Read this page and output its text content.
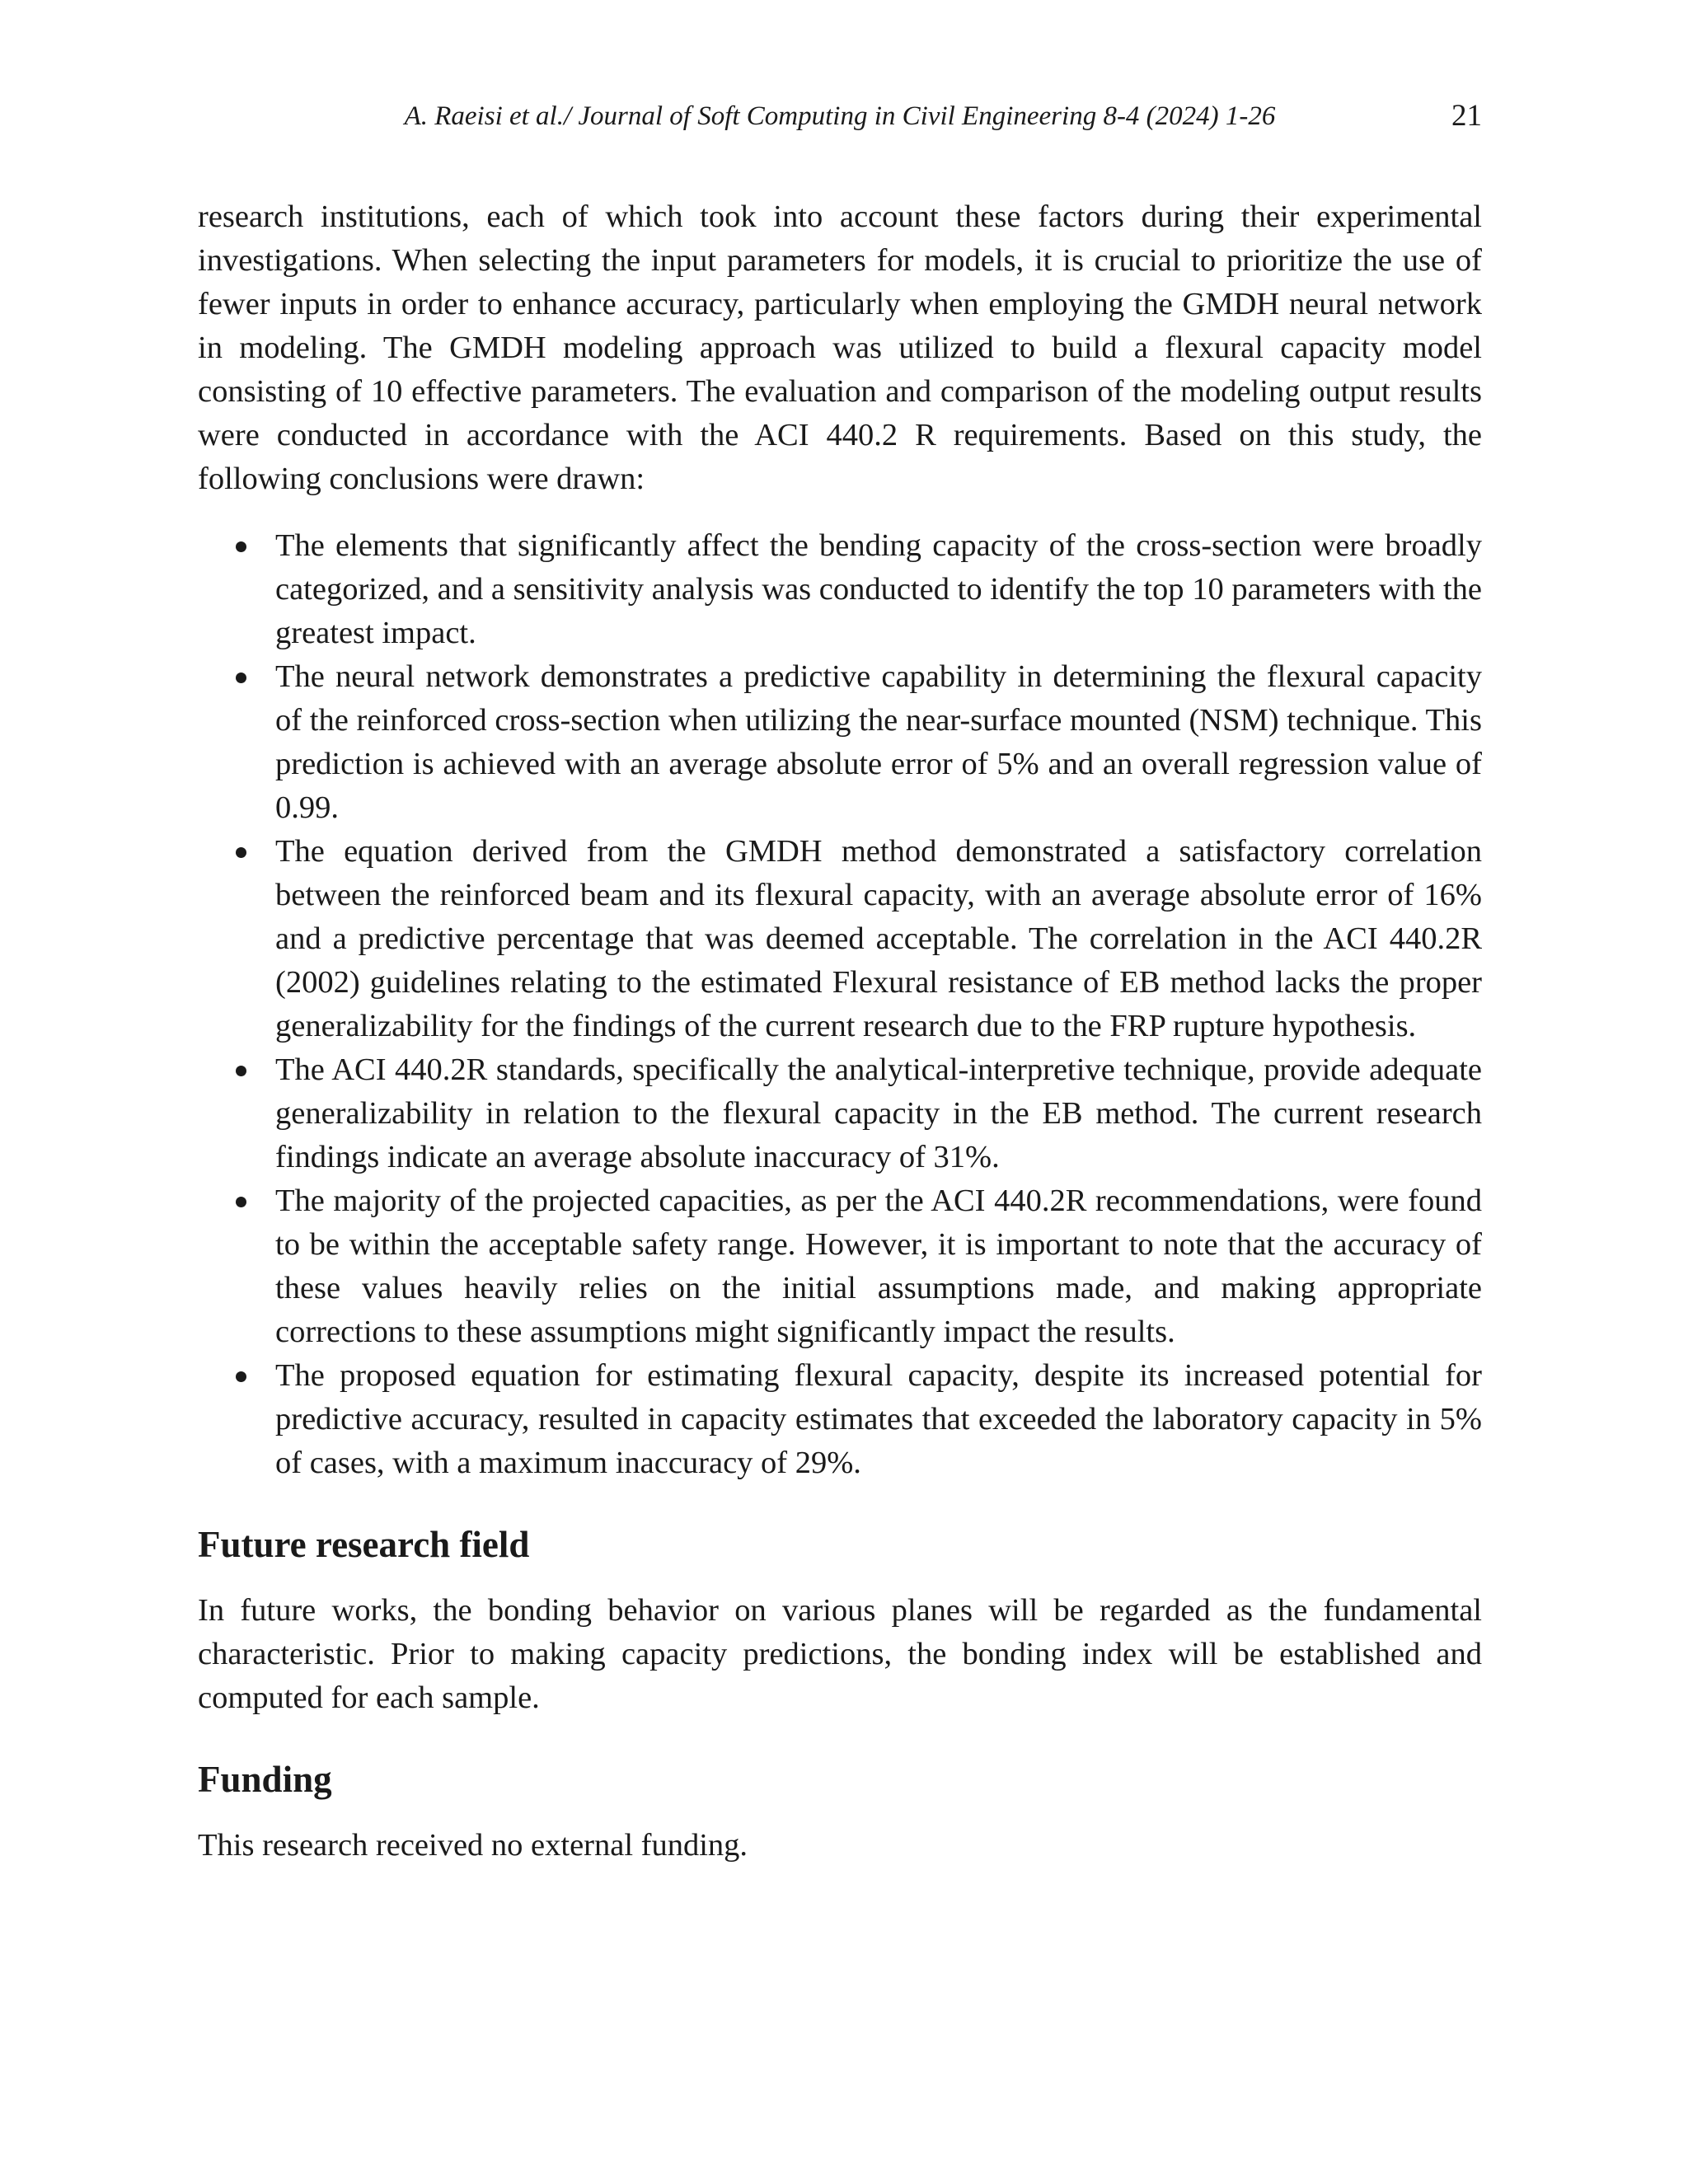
A. Raeisi et al./ Journal of Soft Computing in Civil Engineering 8-4 (2024) 1-26	21

research institutions, each of which took into account these factors during their experimental investigations. When selecting the input parameters for models, it is crucial to prioritize the use of fewer inputs in order to enhance accuracy, particularly when employing the GMDH neural network in modeling. The GMDH modeling approach was utilized to build a flexural capacity model consisting of 10 effective parameters. The evaluation and comparison of the modeling output results were conducted in accordance with the ACI 440.2 R requirements. Based on this study, the following conclusions were drawn:

The elements that significantly affect the bending capacity of the cross-section were broadly categorized, and a sensitivity analysis was conducted to identify the top 10 parameters with the greatest impact.
The neural network demonstrates a predictive capability in determining the flexural capacity of the reinforced cross-section when utilizing the near-surface mounted (NSM) technique. This prediction is achieved with an average absolute error of 5% and an overall regression value of 0.99.
The equation derived from the GMDH method demonstrated a satisfactory correlation between the reinforced beam and its flexural capacity, with an average absolute error of 16% and a predictive percentage that was deemed acceptable. The correlation in the ACI 440.2R (2002) guidelines relating to the estimated Flexural resistance of EB method lacks the proper generalizability for the findings of the current research due to the FRP rupture hypothesis.
The ACI 440.2R standards, specifically the analytical-interpretive technique, provide adequate generalizability in relation to the flexural capacity in the EB method. The current research findings indicate an average absolute inaccuracy of 31%.
The majority of the projected capacities, as per the ACI 440.2R recommendations, were found to be within the acceptable safety range. However, it is important to note that the accuracy of these values heavily relies on the initial assumptions made, and making appropriate corrections to these assumptions might significantly impact the results.
The proposed equation for estimating flexural capacity, despite its increased potential for predictive accuracy, resulted in capacity estimates that exceeded the laboratory capacity in 5% of cases, with a maximum inaccuracy of 29%.
Future research field

In future works, the bonding behavior on various planes will be regarded as the fundamental characteristic. Prior to making capacity predictions, the bonding index will be established and computed for each sample.

Funding

This research received no external funding.
